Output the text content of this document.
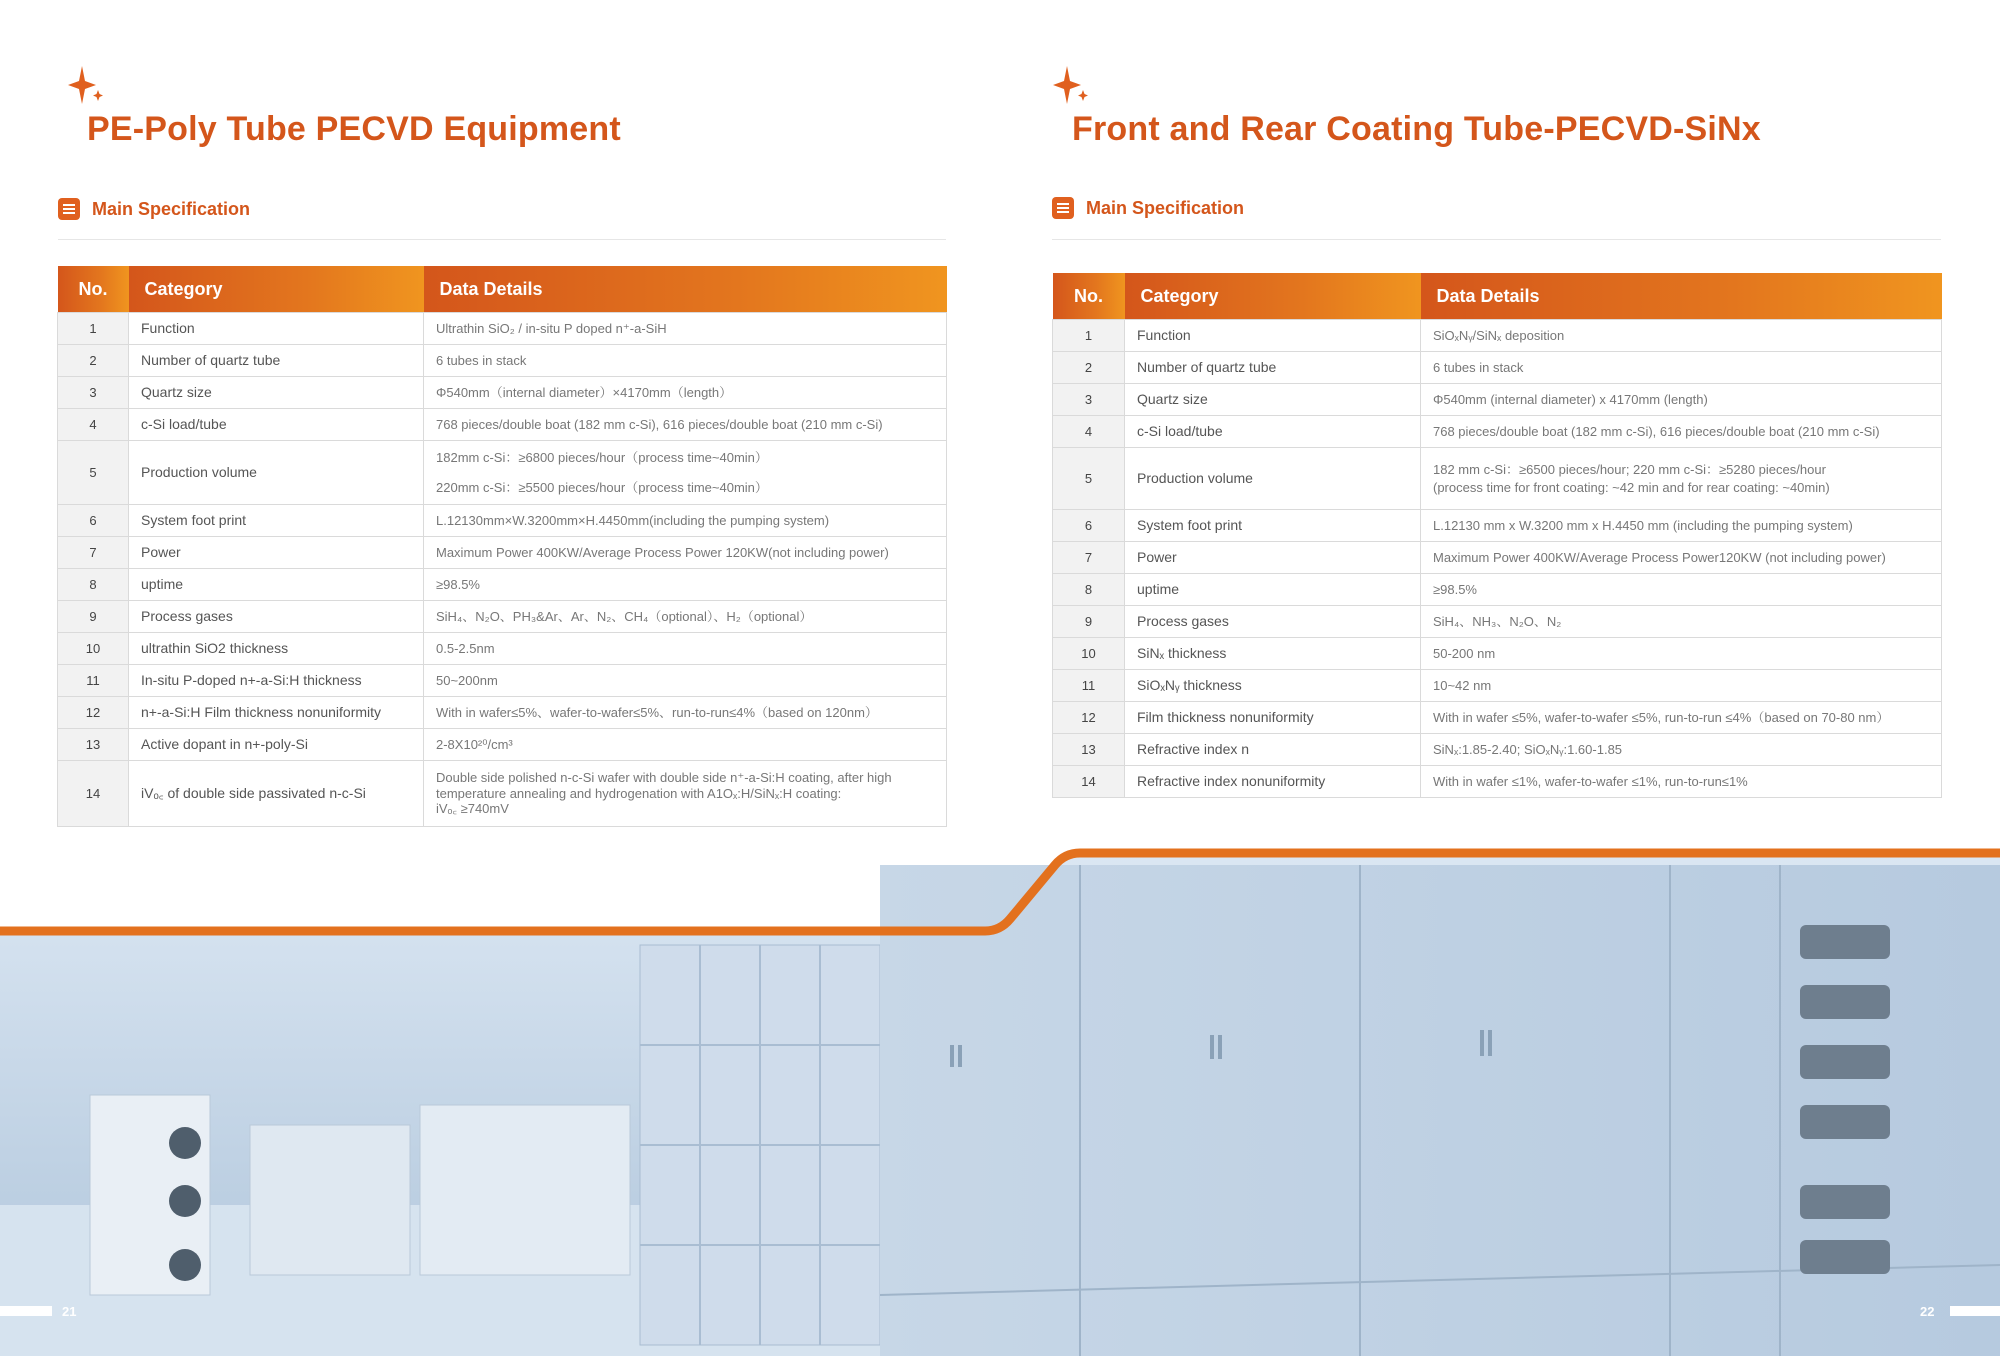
PE-Poly Tube PECVD Equipment
Main Specification
No.	Category	Data Details
1	Function	Ultrathin SiO₂ / in-situ P doped n⁺-a-SiH
2	Number of quartz tube	6 tubes in stack
3	Quartz size	Φ540mm（internal diameter）×4170mm（length）
4	c-Si load/tube	768 pieces/double boat (182 mm c-Si), 616 pieces/double boat (210 mm c-Si)
5	Production volume	182mm c-Si：≥6800 pieces/hour（process time~40min）
220mm c-Si：≥5500 pieces/hour（process time~40min）

6	System foot print	L.12130mm×W.3200mm×H.4450mm(including the pumping system)
7	Power	Maximum Power 400KW/Average Process Power 120KW(not including power)
8	uptime	≥98.5%
9	Process gases	SiH₄、N₂O、PH₃&Ar、Ar、N₂、CH₄（optional）、H₂（optional）
10	ultrathin SiO2 thickness	0.5-2.5nm
11	In-situ P-doped n+-a-Si:H thickness	50~200nm
12	n+-a-Si:H Film thickness nonuniformity	With in wafer≤5%、wafer-to-wafer≤5%、run-to-run≤4%（based on 120nm）
13	Active dopant in n+-poly-Si	2-8X10²⁰/cm³
14	iVₒ꜀ of double side passivated n-c-Si	Double side polished n-c-Si wafer with double side n⁺-a-Si:H coating, after high temperature annealing and hydrogenation with A1Oₓ:H/SiNₓ:H coating:
iVₒ꜀ ≥740mV
Front and Rear Coating Tube-PECVD-SiNx
Main Specification
No.	Category	Data Details
1	Function	SiOₓNᵧ/SiNₓ deposition
2	Number of quartz tube	6 tubes in stack
3	Quartz size	Φ540mm (internal diameter) x 4170mm (length)
4	c-Si load/tube	768 pieces/double boat (182 mm c-Si), 616 pieces/double boat (210 mm c-Si)
5	Production volume	182 mm c-Si：≥6500 pieces/hour; 220 mm c-Si：≥5280 pieces/hour
(process time for front coating: ~42 min and for rear coating: ~40min)

6	System foot print	L.12130 mm x W.3200 mm x H.4450 mm (including the pumping system)
7	Power	Maximum Power 400KW/Average Process Power120KW (not including power)
8	uptime	≥98.5%
9	Process gases	SiH₄、NH₃、N₂O、N₂
10	SiNₓ thickness	50-200 nm
11	SiOₓNᵧ thickness	10~42 nm
12	Film thickness nonuniformity	With in wafer ≤5%, wafer-to-wafer ≤5%, run-to-run ≤4%（based on 70-80 nm）
13	Refractive index n	SiNₓ:1.85-2.40; SiOₓNᵧ:1.60-1.85
14	Refractive index nonuniformity	With in wafer ≤1%, wafer-to-wafer ≤1%, run-to-run≤1%
21	22
